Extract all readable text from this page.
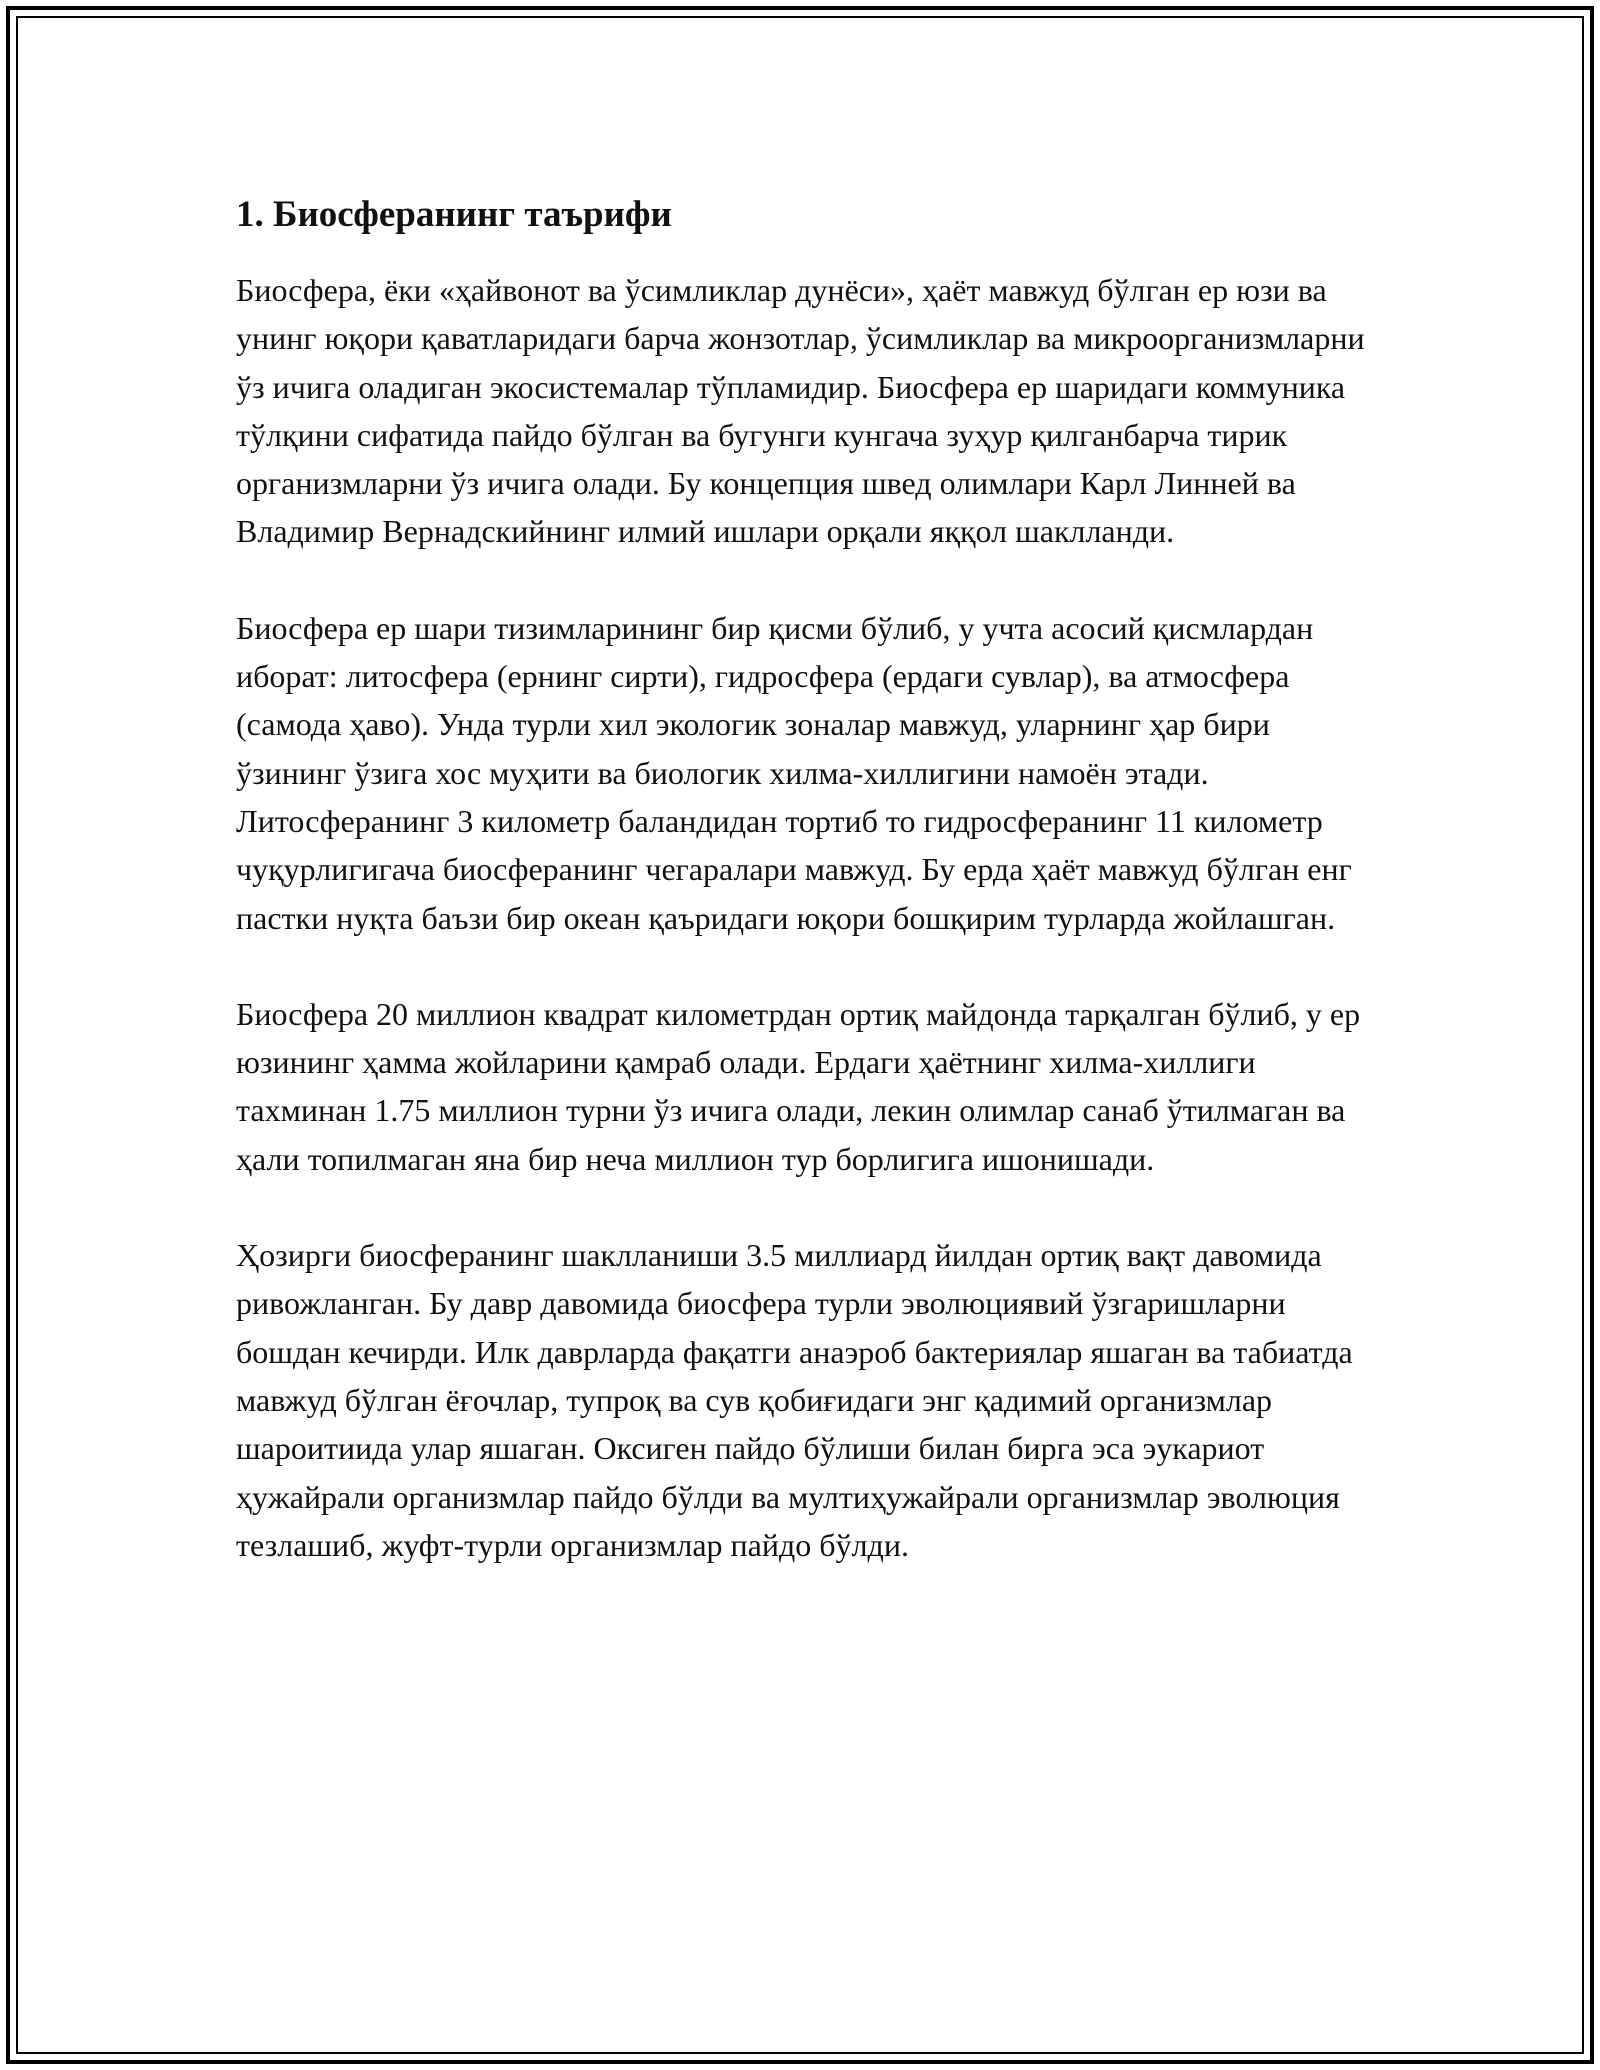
1. Биосферанинг таърифи

Биосфера, ёки «ҳайвонот ва ўсимликлар дунёси», ҳаёт мавжуд бўлган ер юзи ва унинг юқори қаватларидаги барча жонзотлар, ўсимликлар ва микроорганизмларни ўз ичига оладиган экосистемалар тўпламидир. Биосфера ер шаридаги коммуника тўлқини сифатида пайдо бўлган ва бугунги кунгача зуҳур қилганбарча тирик организмларни ўз ичига олади. Бу концепция швед олимлари Карл Линней ва Владимир Вернадскийнинг илмий ишлари орқали яққол шаклланди.

Биосфера ер шари тизимларининг бир қисми бўлиб, у учта асосий қисмлардан иборат: литосфера (ернинг сирти), гидросфера (ердаги сувлар), ва атмосфера (самода ҳаво). Унда турли хил экологик зоналар мавжуд, уларнинг ҳар бири ўзининг ўзига хос муҳити ва биологик хилма-хиллигини намоён этади. Литосферанинг 3 километр баландидан тортиб то гидросферанинг 11 километр чуқурлигигача биосферанинг чегаралари мавжуд. Бу ерда ҳаёт мавжуд бўлган енг пастки нуқта баъзи бир океан қаъридаги юқори бошқирим турларда жойлашган.

Биосфера 20 миллион квадрат километрдан ортиқ майдонда тарқалган бўлиб, у ер юзининг ҳамма жойларини қамраб олади. Ердаги ҳаётнинг хилма-хиллиги тахминан 1.75 миллион турни ўз ичига олади, лекин олимлар санаб ўтилмаган ва ҳали топилмаган яна бир неча миллион тур борлигига ишонишади.

Ҳозирги биосферанинг шаклланиши 3.5 миллиард йилдан ортиқ вақт давомида ривожланган. Бу давр давомида биосфера турли эволюциявий ўзгаришларни бошдан кечирди. Илк даврларда фақатги анаэроб бактериялар яшаган ва табиатда мавжуд бўлган ёғочлар, тупроқ ва сув қобиғидаги энг қадимий организмлар шароитиида улар яшаган. Оксиген пайдо бўлиши билан бирга эса эукариот ҳужайрали организмлар пайдо бўлди ва мултиҳужайрали организмлар эволюция тезлашиб, жуфт-турли организмлар пайдо бўлди.
